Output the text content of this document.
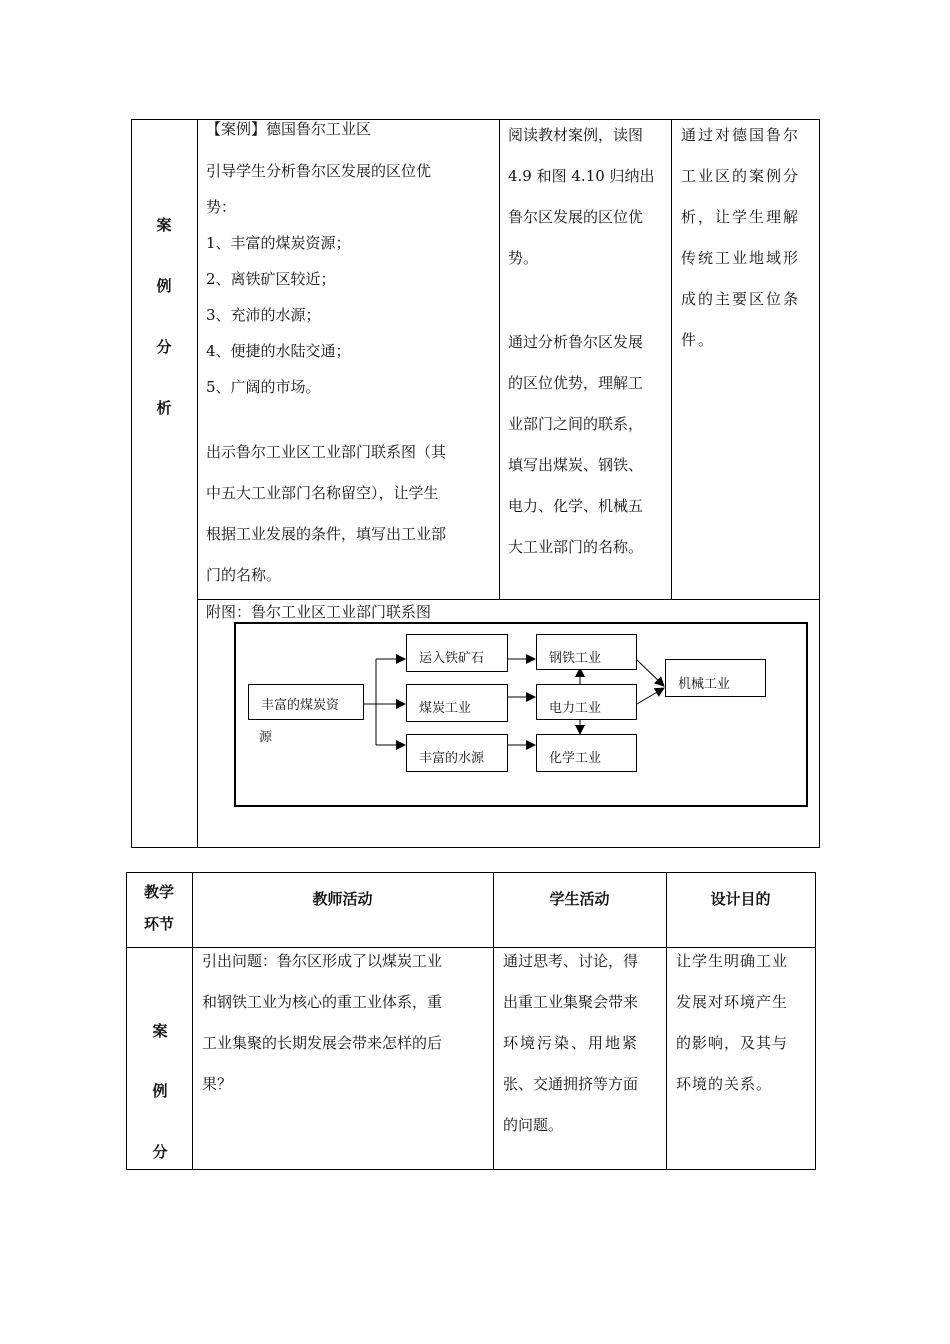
案
例
分
析
【案例】德国鲁尔工业区
引导学生分析鲁尔区发展的区位优
势：
1、丰富的煤炭资源；
2、离铁矿区较近；
3、充沛的水源；
4、便捷的水陆交通；
5、广阔的市场。
出示鲁尔工业区工业部门联系图（其
中五大工业部门名称留空），让学生
根据工业发展的条件，填写出工业部
门的名称。
阅读教材案例，读图
4.9 和图 4.10 归纳出
鲁尔区发展的区位优
势。
通过分析鲁尔区发展
的区位优势，理解工
业部门之间的联系，
填写出煤炭、钢铁、
电力、化学、机械五
大工业部门的名称。
通过对德国鲁尔
工业区的案例分
析，让学生理解
传统工业地域形
成的主要区位条
件。
附图：鲁尔工业区工业部门联系图
丰富的煤炭资
源
运入铁矿石
煤炭工业
丰富的水源
钢铁工业
电力工业
化学工业
机械工业
教学
环节
教师活动	学生活动	设计目的
案
例
分
引出问题：鲁尔区形成了以煤炭工业
和钢铁工业为核心的重工业体系，重
工业集聚的长期发展会带来怎样的后
果？
通过思考、讨论，得
出重工业集聚会带来
环境污染、用地紧
张、交通拥挤等方面
的问题。
让学生明确工业
发展对环境产生
的影响，及其与
环境的关系。
